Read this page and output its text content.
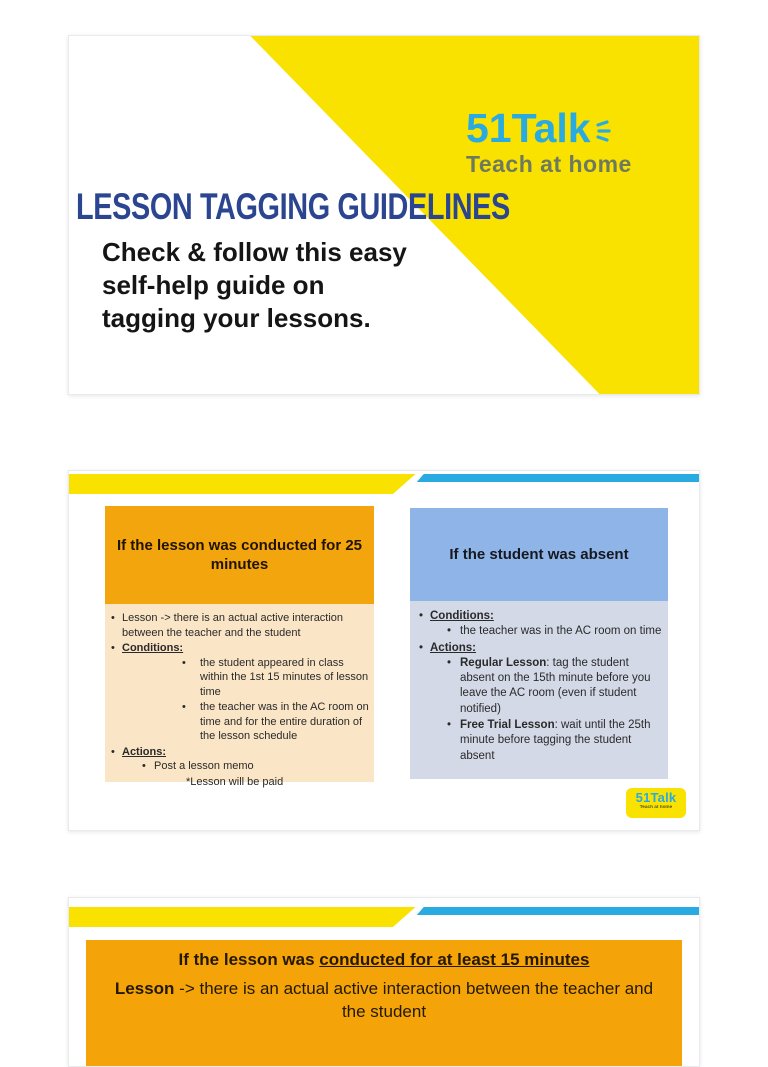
51Talk
Teach at home
LESSON TAGGING GUIDELINES

Check & follow this easy self-help guide on tagging your lessons.

If the lesson was conducted for 25 minutes
• Lesson -> there is an actual active interaction between the teacher and the student
• Conditions:
• the student appeared in class within the 1st 15 minutes of lesson time
• the teacher was in the AC room on time and for the entire duration of the lesson schedule
• Actions:
• Post a lesson memo
*Lesson will be paid
If the student was absent
• Conditions:
• the teacher was in the AC room on time
• Actions:
• Regular Lesson: tag the student absent on the 15th minute before you leave the AC room (even if student notified)
• Free Trial Lesson: wait until the 25th minute before tagging the student absent
51Talk
Teach at home
If the lesson was conducted for at least 15 minutes
Lesson -> there is an actual active interaction between the teacher and the student
